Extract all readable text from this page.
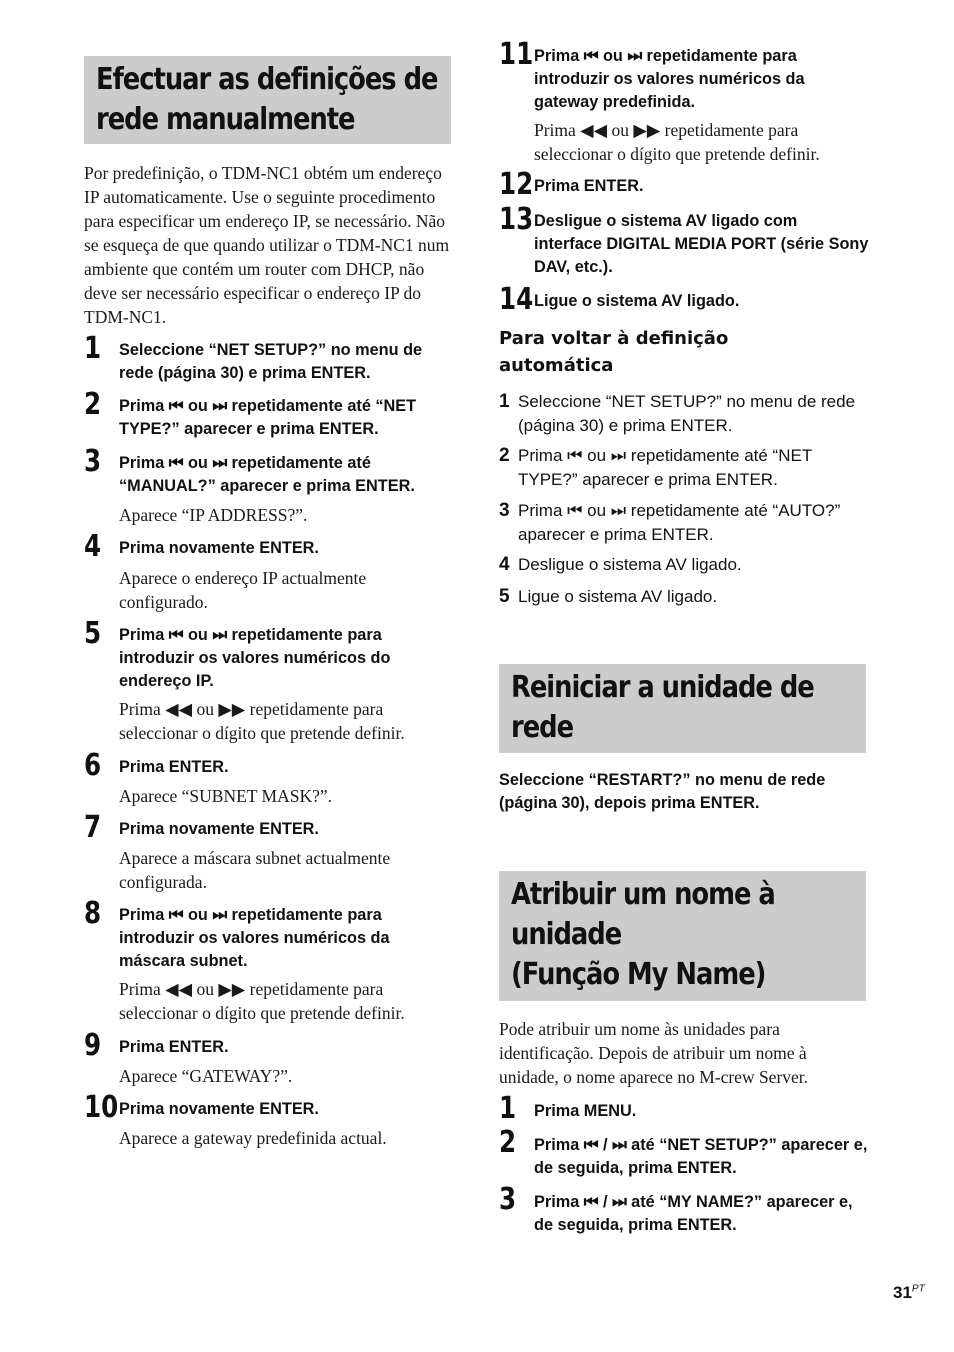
Efectuar as definições de
rede manualmente
Por predefinição, o TDM-NC1 obtém um endereço IP automaticamente. Use o seguinte procedimento para especificar um endereço IP, se necessário. Não se esqueça de que quando utilizar o TDM-NC1 num ambiente que contém um router com DHCP, não deve ser necessário especificar o endereço IP do TDM-NC1.
1 Seleccione “NET SETUP?” no menu de rede (página 30) e prima ENTER.
2 Prima ⏮ ou ⏭ repetidamente até “NET TYPE?” aparecer e prima ENTER.
3 Prima ⏮ ou ⏭ repetidamente até “MANUAL?” aparecer e prima ENTER.
Aparece “IP ADDRESS?”.
4 Prima novamente ENTER.
Aparece o endereço IP actualmente configurado.
5 Prima ⏮ ou ⏭ repetidamente para introduzir os valores numéricos do endereço IP.
Prima ◀◀ ou ▶▶ repetidamente para seleccionar o dígito que pretende definir.
6 Prima ENTER.
Aparece “SUBNET MASK?”.
7 Prima novamente ENTER.
Aparece a máscara subnet actualmente configurada.
8 Prima ⏮ ou ⏭ repetidamente para introduzir os valores numéricos da máscara subnet.
Prima ◀◀ ou ▶▶ repetidamente para seleccionar o dígito que pretende definir.
9 Prima ENTER.
Aparece “GATEWAY?”.
10 Prima novamente ENTER.
Aparece a gateway predefinida actual.
11 Prima ⏮ ou ⏭ repetidamente para introduzir os valores numéricos da gateway predefinida.
Prima ◀◀ ou ▶▶ repetidamente para seleccionar o dígito que pretende definir.
12 Prima ENTER.
13 Desligue o sistema AV ligado com interface DIGITAL MEDIA PORT (série Sony DAV, etc.).
14 Ligue o sistema AV ligado.
Para voltar à definição automática
1 Seleccione “NET SETUP?” no menu de rede (página 30) e prima ENTER.
2 Prima ⏮ ou ⏭ repetidamente até “NET TYPE?” aparecer e prima ENTER.
3 Prima ⏮ ou ⏭ repetidamente até “AUTO?” aparecer e prima ENTER.
4 Desligue o sistema AV ligado.
5 Ligue o sistema AV ligado.
Reiniciar a unidade de
rede
Seleccione “RESTART?” no menu de rede (página 30), depois prima ENTER.
Atribuir um nome à
unidade
(Função My Name)
Pode atribuir um nome às unidades para identificação. Depois de atribuir um nome à unidade, o nome aparece no M-crew Server.
1 Prima MENU.
2 Prima ⏮ / ⏭ até “NET SETUP?” aparecer e, de seguida, prima ENTER.
3 Prima ⏮ / ⏭ até “MY NAME?” aparecer e, de seguida, prima ENTER.
$31^{PT}$
